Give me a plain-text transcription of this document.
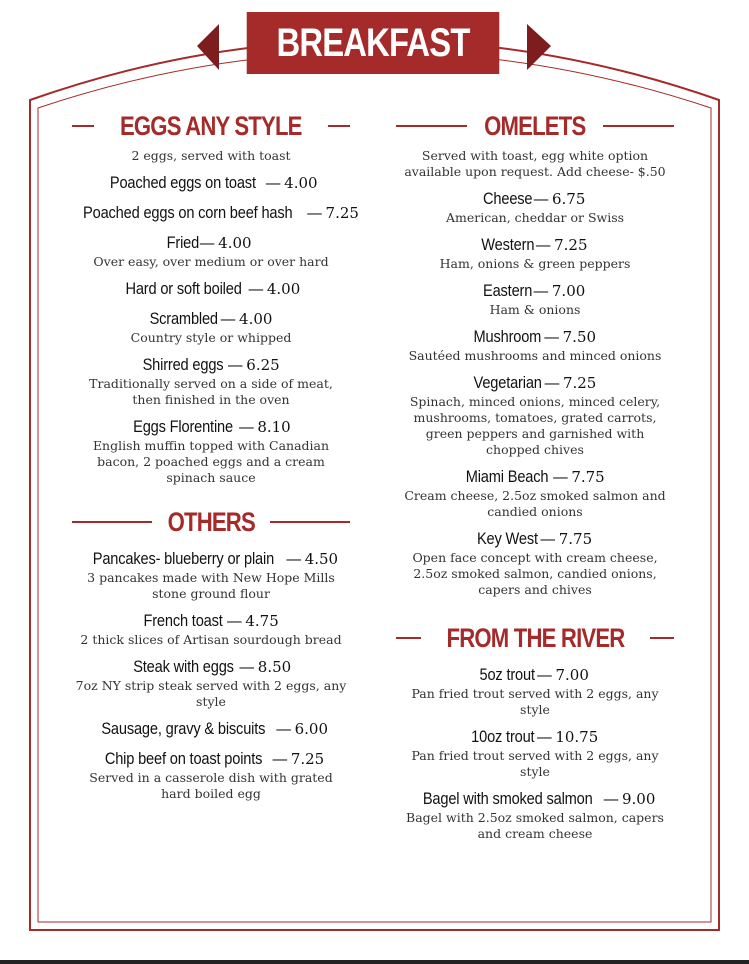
BREAKFAST
EGGS ANY STYLE
2 eggs, served with toast
Poached eggs on toast — 4.00
Poached eggs on corn beef hash — 7.25
Fried— 4.00
Over easy, over medium or over hard
Hard or soft boiled — 4.00
Scrambled — 4.00
Country style or whipped
Shirred eggs — 6.25
Traditionally served on a side of meat, then finished in the oven
Eggs Florentine — 8.10
English muffin topped with Canadian bacon, 2 poached eggs and a cream spinach sauce
OTHERS
Pancakes- blueberry or plain — 4.50
3 pancakes made with New Hope Mills stone ground flour
French toast — 4.75
2 thick slices of Artisan sourdough bread
Steak with eggs — 8.50
7oz NY strip steak served with 2 eggs, any style
Sausage, gravy & biscuits — 6.00
Chip beef on toast points — 7.25
Served in a casserole dish with grated hard boiled egg
OMELETS
Served with toast, egg white option available upon request. Add cheese- $.50
Cheese— 6.75
American, cheddar or Swiss
Western— 7.25
Ham, onions & green peppers
Eastern— 7.00
Ham & onions
Mushroom — 7.50
Sautéed mushrooms and minced onions
Vegetarian — 7.25
Spinach, minced onions, minced celery, mushrooms, tomatoes, grated carrots, green peppers and garnished with chopped chives
Miami Beach — 7.75
Cream cheese, 2.5oz smoked salmon and candied onions
Key West — 7.75
Open face concept with cream cheese, 2.5oz smoked salmon, candied onions, capers and chives
FROM THE RIVER
5oz trout— 7.00
Pan fried trout served with 2 eggs, any style
10oz trout — 10.75
Pan fried trout served with 2 eggs, any style
Bagel with smoked salmon — 9.00
Bagel with 2.5oz smoked salmon, capers and cream cheese
